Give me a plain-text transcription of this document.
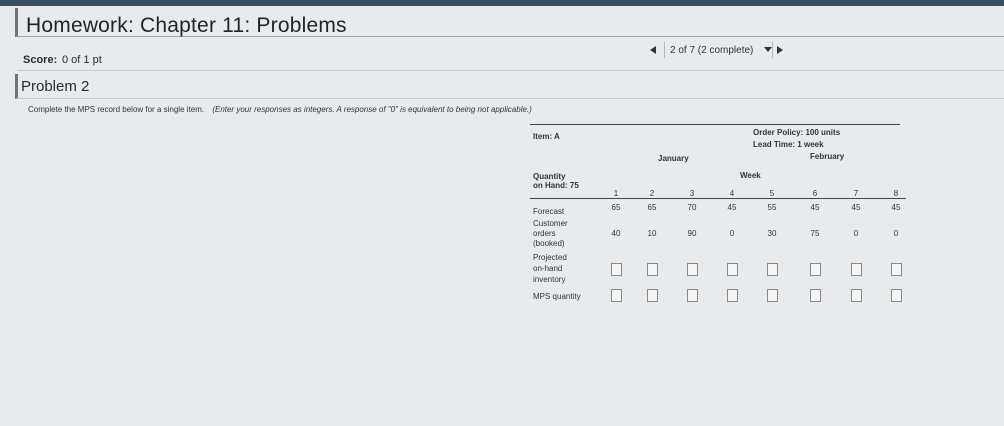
Homework: Chapter 11: Problems
Score: 0 of 1 pt
2 of 7 (2 complete)
Problem 2
Complete the MPS record below for a single item. (Enter your responses as integers. A response of "0" is equivalent to being not applicable.)
Item: A	Order Policy: 100 units
Lead Time: 1 week
January	February
Week
Quantity
on Hand: 75
1	2	3	4	5	6	7	8
Forecast	65	65	70	45	55	45	45	45
Customer
orders
(booked)
40	10	90	0	30	75	0	0
Projected
on-hand
inventory
MPS quantity
